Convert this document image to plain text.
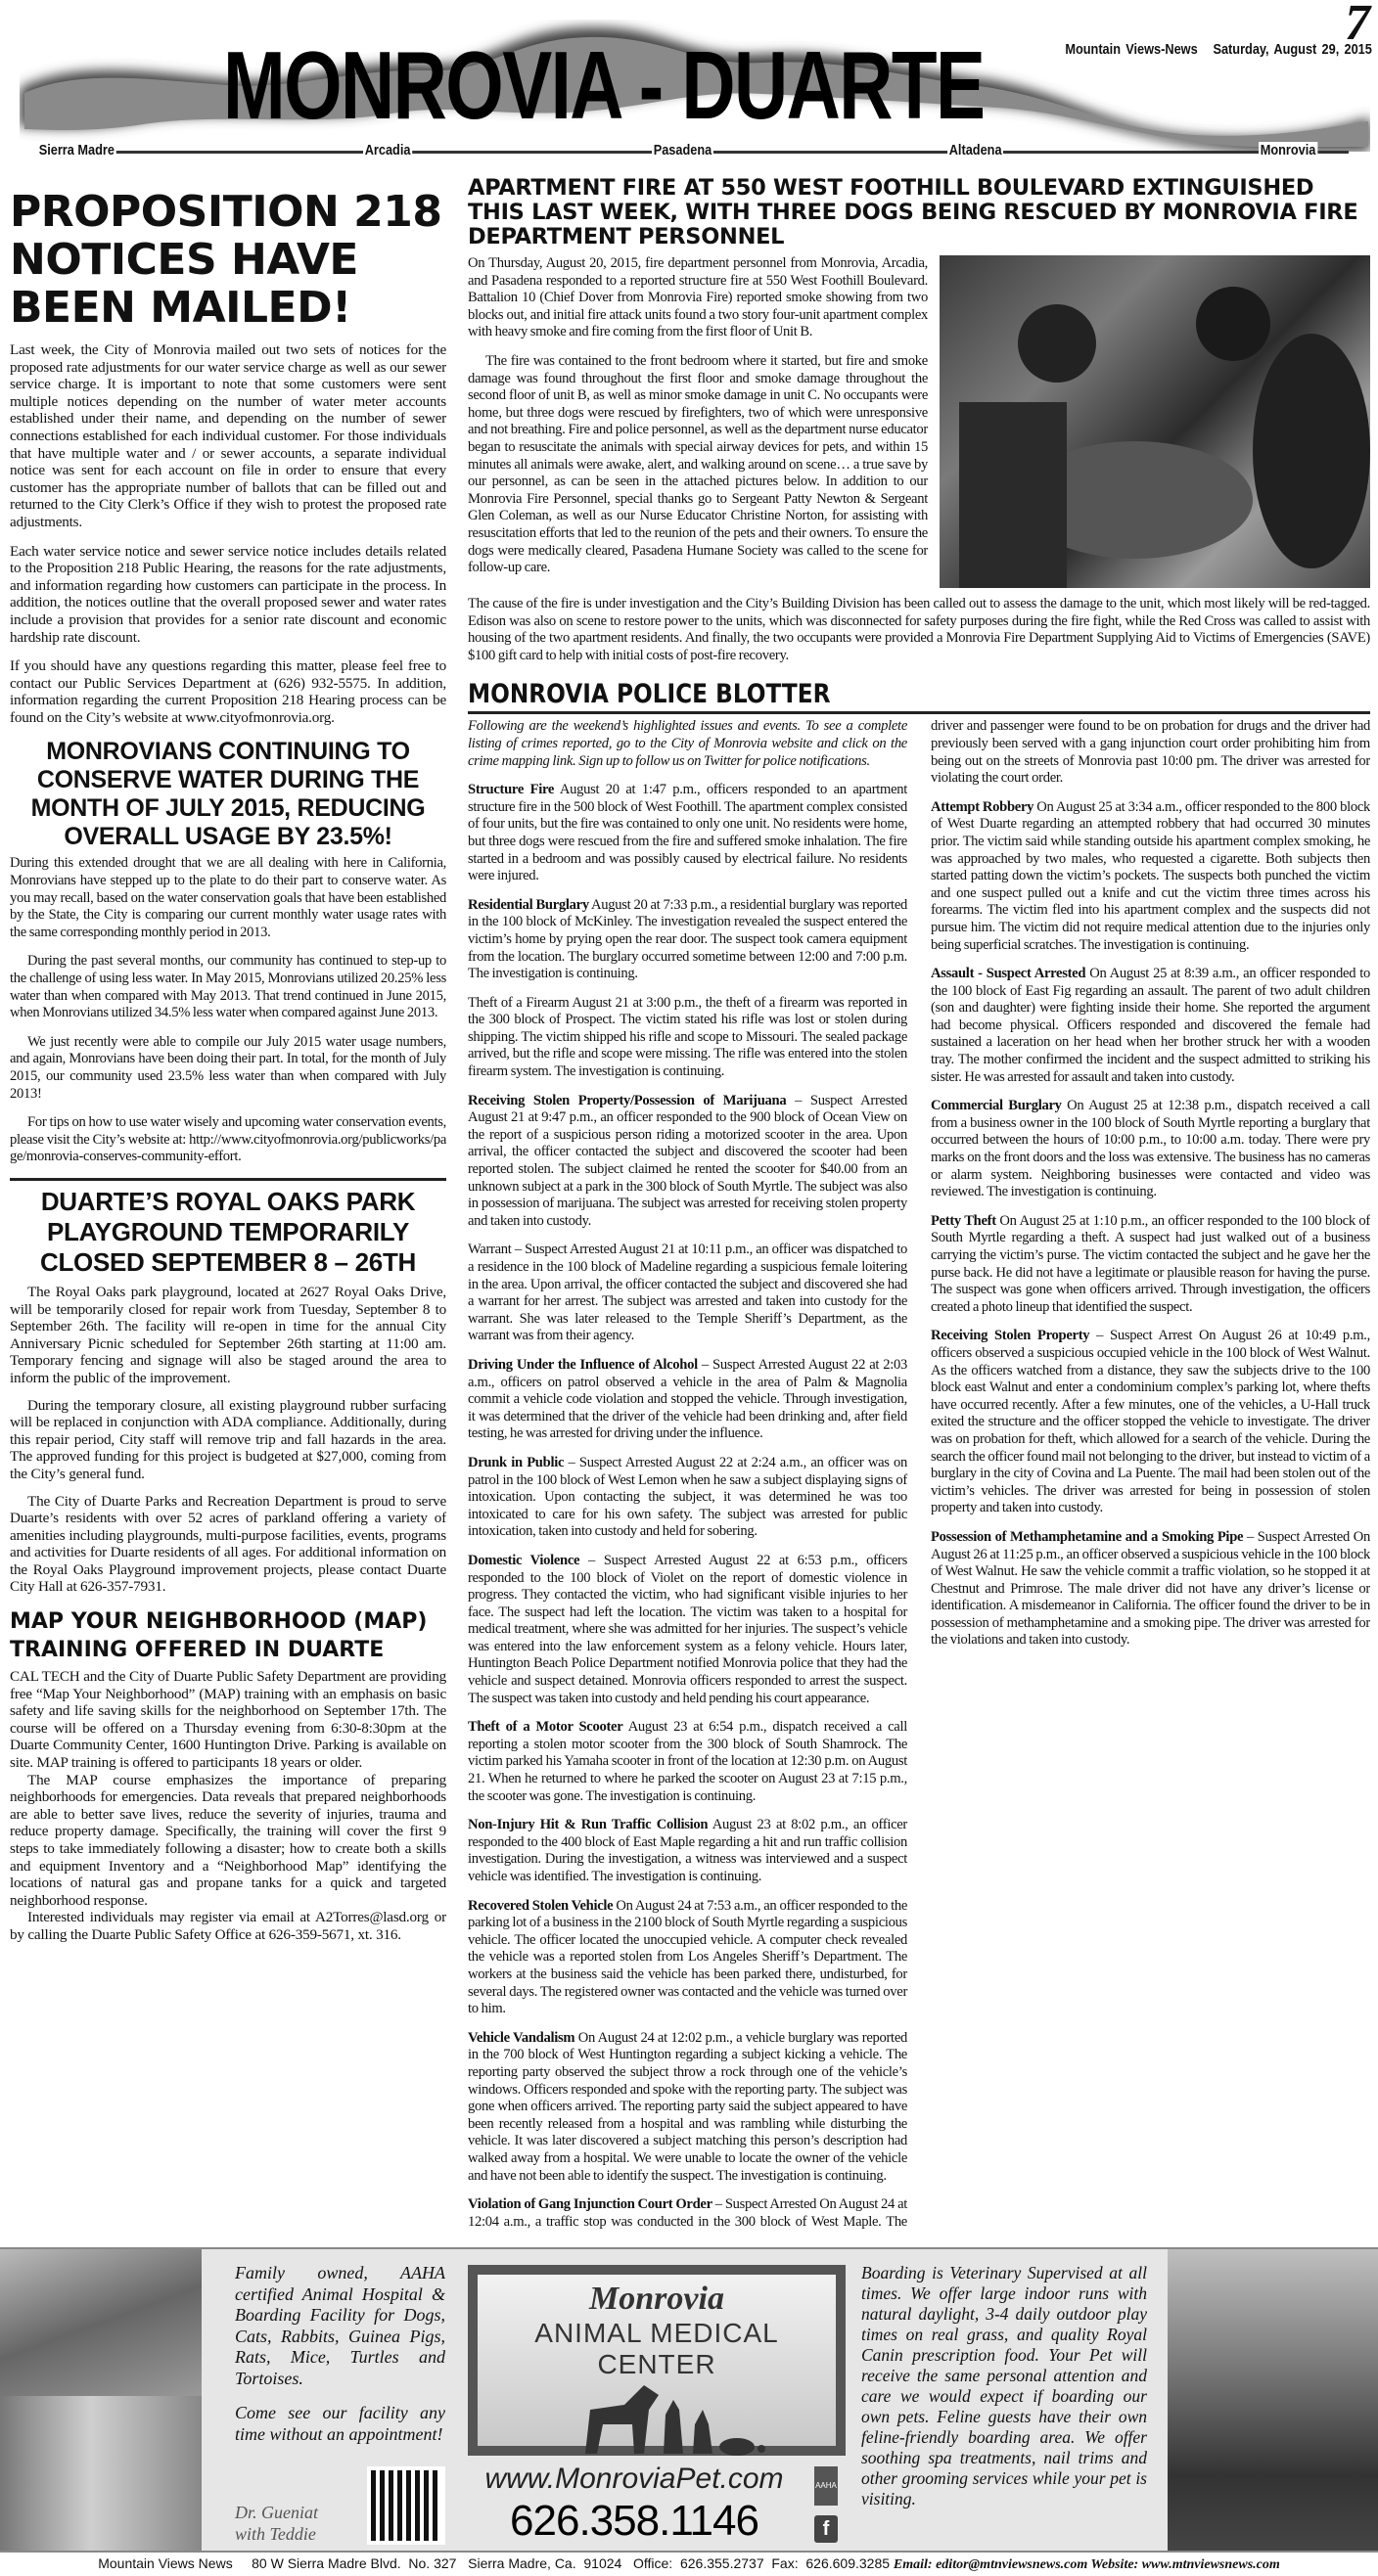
MONROVIA - DUARTE
7
Mountain Views-News Saturday, August 29, 2015
Sierra Madre	Arcadia	Pasadena	Altadena	Monrovia
PROPOSITION 218 NOTICES HAVE BEEN MAILED!

Last week, the City of Monrovia mailed out two sets of notices for the proposed rate adjustments for our water service charge as well as our sewer service charge. It is important to note that some customers were sent multiple notices depending on the number of water meter accounts established under their name, and depending on the number of sewer connections established for each individual customer. For those individuals that have multiple water and / or sewer accounts, a separate individual notice was sent for each account on file in order to ensure that every customer has the appropriate number of ballots that can be filled out and returned to the City Clerk’s Office if they wish to protest the proposed rate adjustments.

Each water service notice and sewer service notice includes details related to the Proposition 218 Public Hearing, the reasons for the rate adjustments, and information regarding how customers can participate in the process. In addition, the notices outline that the overall proposed sewer and water rates include a provision that provides for a senior rate discount and economic hardship rate discount.

If you should have any questions regarding this matter, please feel free to contact our Public Services Department at (626) 932-5575. In addition, information regarding the current Proposition 218 Hearing process can be found on the City’s website at www.cityofmonrovia.org.

MONROVIANS CONTINUING TO CONSERVE WATER DURING THE MONTH OF JULY 2015, REDUCING OVERALL USAGE BY 23.5%!

During this extended drought that we are all dealing with here in California, Monrovians have stepped up to the plate to do their part to conserve water. As you may recall, based on the water conservation goals that have been established by the State, the City is comparing our current monthly water usage rates with the same corresponding monthly period in 2013.

During the past several months, our community has continued to step-up to the challenge of using less water. In May 2015, Monrovians utilized 20.25% less water than when compared with May 2013. That trend continued in June 2015, when Monrovians utilized 34.5% less water when compared against June 2013.

We just recently were able to compile our July 2015 water usage numbers, and again, Monrovians have been doing their part. In total, for the month of July 2015, our community used 23.5% less water than when compared with July 2013!

For tips on how to use water wisely and upcoming water conservation events, please visit the City’s website at: http://www.cityofmonrovia.org/publicworks/page/monrovia-conserves-community-effort.

DUARTE’S ROYAL OAKS PARK PLAYGROUND TEMPORARILY CLOSED SEPTEMBER 8 – 26TH

The Royal Oaks park playground, located at 2627 Royal Oaks Drive, will be temporarily closed for repair work from Tuesday, September 8 to September 26th. The facility will re-open in time for the annual City Anniversary Picnic scheduled for September 26th starting at 11:00 am. Temporary fencing and signage will also be staged around the area to inform the public of the improvement.

During the temporary closure, all existing playground rubber surfacing will be replaced in conjunction with ADA compliance. Additionally, during this repair period, City staff will remove trip and fall hazards in the area. The approved funding for this project is budgeted at $27,000, coming from the City’s general fund.

The City of Duarte Parks and Recreation Department is proud to serve Duarte’s residents with over 52 acres of parkland offering a variety of amenities including playgrounds, multi-purpose facilities, events, programs and activities for Duarte residents of all ages. For additional information on the Royal Oaks Playground improvement projects, please contact Duarte City Hall at 626-357-7931.

MAP YOUR NEIGHBORHOOD (MAP) TRAINING OFFERED IN DUARTE

CAL TECH and the City of Duarte Public Safety Department are providing free “Map Your Neighborhood” (MAP) training with an emphasis on basic safety and life saving skills for the neighborhood on September 17th. The course will be offered on a Thursday evening from 6:30-8:30pm at the Duarte Community Center, 1600 Huntington Drive. Parking is available on site. MAP training is offered to participants 18 years or older.

The MAP course emphasizes the importance of preparing neighborhoods for emergencies. Data reveals that prepared neighborhoods are able to better save lives, reduce the severity of injuries, trauma and reduce property damage. Specifically, the training will cover the first 9 steps to take immediately following a disaster; how to create both a skills and equipment Inventory and a “Neighborhood Map” identifying the locations of natural gas and propane tanks for a quick and targeted neighborhood response.

Interested individuals may register via email at A2Torres@lasd.org or by calling the Duarte Public Safety Office at 626-359-5671, xt. 316.

APARTMENT FIRE AT 550 WEST FOOTHILL BOULEVARD EXTINGUISHED THIS LAST WEEK, WITH THREE DOGS BEING RESCUED BY MONROVIA FIRE DEPARTMENT PERSONNEL

On Thursday, August 20, 2015, fire department personnel from Monrovia, Arcadia, and Pasadena responded to a reported structure fire at 550 West Foothill Boulevard. Battalion 10 (Chief Dover from Monrovia Fire) reported smoke showing from two blocks out, and initial fire attack units found a two story four-unit apartment complex with heavy smoke and fire coming from the first floor of Unit B.

The fire was contained to the front bedroom where it started, but fire and smoke damage was found throughout the first floor and smoke damage throughout the second floor of unit B, as well as minor smoke damage in unit C. No occupants were home, but three dogs were rescued by firefighters, two of which were unresponsive and not breathing. Fire and police personnel, as well as the department nurse educator began to resuscitate the animals with special airway devices for pets, and within 15 minutes all animals were awake, alert, and walking around on scene… a true save by our personnel, as can be seen in the attached pictures below. In addition to our Monrovia Fire Personnel, special thanks go to Sergeant Patty Newton & Sergeant Glen Coleman, as well as our Nurse Educator Christine Norton, for assisting with resuscitation efforts that led to the reunion of the pets and their owners. To ensure the dogs were medically cleared, Pasadena Humane Society was called to the scene for follow-up care.

The cause of the fire is under investigation and the City’s Building Division has been called out to assess the damage to the unit, which most likely will be red-tagged. Edison was also on scene to restore power to the units, which was disconnected for safety purposes during the fire fight, while the Red Cross was called to assist with housing of the two apartment residents. And finally, the two occupants were provided a Monrovia Fire Department Supplying Aid to Victims of Emergencies (SAVE) $100 gift card to help with initial costs of post-fire recovery.

MONROVIA POLICE BLOTTER

Following are the weekend’s highlighted issues and events. To see a complete listing of crimes reported, go to the City of Monrovia website and click on the crime mapping link. Sign up to follow us on Twitter for police notifications.

Structure Fire August 20 at 1:47 p.m., officers responded to an apartment structure fire in the 500 block of West Foothill. The apartment complex consisted of four units, but the fire was contained to only one unit. No residents were home, but three dogs were rescued from the fire and suffered smoke inhalation. The fire started in a bedroom and was possibly caused by electrical failure. No residents were injured.

Residential Burglary August 20 at 7:33 p.m., a residential burglary was reported in the 100 block of McKinley. The investigation revealed the suspect entered the victim’s home by prying open the rear door. The suspect took camera equipment from the location. The burglary occurred sometime between 12:00 and 7:00 p.m. The investigation is continuing.

Theft of a Firearm August 21 at 3:00 p.m., the theft of a firearm was reported in the 300 block of Prospect. The victim stated his rifle was lost or stolen during shipping. The victim shipped his rifle and scope to Missouri. The sealed package arrived, but the rifle and scope were missing. The rifle was entered into the stolen firearm system. The investigation is continuing.

Receiving Stolen Property/Possession of Marijuana – Suspect Arrested August 21 at 9:47 p.m., an officer responded to the 900 block of Ocean View on the report of a suspicious person riding a motorized scooter in the area. Upon arrival, the officer contacted the subject and discovered the scooter had been reported stolen. The subject claimed he rented the scooter for $40.00 from an unknown subject at a park in the 300 block of South Myrtle. The subject was also in possession of marijuana. The subject was arrested for receiving stolen property and taken into custody.

Warrant – Suspect Arrested August 21 at 10:11 p.m., an officer was dispatched to a residence in the 100 block of Madeline regarding a suspicious female loitering in the area. Upon arrival, the officer contacted the subject and discovered she had a warrant for her arrest. The subject was arrested and taken into custody for the warrant. She was later released to the Temple Sheriff’s Department, as the warrant was from their agency.

Driving Under the Influence of Alcohol – Suspect Arrested August 22 at 2:03 a.m., officers on patrol observed a vehicle in the area of Palm & Magnolia commit a vehicle code violation and stopped the vehicle. Through investigation, it was determined that the driver of the vehicle had been drinking and, after field testing, he was arrested for driving under the influence.

Drunk in Public – Suspect Arrested August 22 at 2:24 a.m., an officer was on patrol in the 100 block of West Lemon when he saw a subject displaying signs of intoxication. Upon contacting the subject, it was determined he was too intoxicated to care for his own safety. The subject was arrested for public intoxication, taken into custody and held for sobering.

Domestic Violence – Suspect Arrested August 22 at 6:53 p.m., officers responded to the 100 block of Violet on the report of domestic violence in progress. They contacted the victim, who had significant visible injuries to her face. The suspect had left the location. The victim was taken to a hospital for medical treatment, where she was admitted for her injuries. The suspect’s vehicle was entered into the law enforcement system as a felony vehicle. Hours later, Huntington Beach Police Department notified Monrovia police that they had the vehicle and suspect detained. Monrovia officers responded to arrest the suspect. The suspect was taken into custody and held pending his court appearance.

Theft of a Motor Scooter August 23 at 6:54 p.m., dispatch received a call reporting a stolen motor scooter from the 300 block of South Shamrock. The victim parked his Yamaha scooter in front of the location at 12:30 p.m. on August 21. When he returned to where he parked the scooter on August 23 at 7:15 p.m., the scooter was gone. The investigation is continuing.

Non-Injury Hit & Run Traffic Collision August 23 at 8:02 p.m., an officer responded to the 400 block of East Maple regarding a hit and run traffic collision investigation. During the investigation, a witness was interviewed and a suspect vehicle was identified. The investigation is continuing.

Recovered Stolen Vehicle On August 24 at 7:53 a.m., an officer responded to the parking lot of a business in the 2100 block of South Myrtle regarding a suspicious vehicle. The officer located the unoccupied vehicle. A computer check revealed the vehicle was a reported stolen from Los Angeles Sheriff’s Department. The workers at the business said the vehicle has been parked there, undisturbed, for several days. The registered owner was contacted and the vehicle was turned over to him.

Vehicle Vandalism On August 24 at 12:02 p.m., a vehicle burglary was reported in the 700 block of West Huntington regarding a subject kicking a vehicle. The reporting party observed the subject throw a rock through one of the vehicle’s windows. Officers responded and spoke with the reporting party. The subject was gone when officers arrived. The reporting party said the subject appeared to have been recently released from a hospital and was rambling while disturbing the vehicle. It was later discovered a subject matching this person’s description had walked away from a hospital. We were unable to locate the owner of the vehicle and have not been able to identify the suspect. The investigation is continuing.

Violation of Gang Injunction Court Order – Suspect Arrested On August 24 at 12:04 a.m., a traffic stop was conducted in the 300 block of West Maple. The driver and passenger were found to be on probation for drugs and the driver had previously been served with a gang injunction court order prohibiting him from being out on the streets of Monrovia past 10:00 pm. The driver was arrested for violating the court order.

Attempt Robbery On August 25 at 3:34 a.m., officer responded to the 800 block of West Duarte regarding an attempted robbery that had occurred 30 minutes prior. The victim said while standing outside his apartment complex smoking, he was approached by two males, who requested a cigarette. Both subjects then started patting down the victim’s pockets. The suspects both punched the victim and one suspect pulled out a knife and cut the victim three times across his forearms. The victim fled into his apartment complex and the suspects did not pursue him. The victim did not require medical attention due to the injuries only being superficial scratches. The investigation is continuing.

Assault - Suspect Arrested On August 25 at 8:39 a.m., an officer responded to the 100 block of East Fig regarding an assault. The parent of two adult children (son and daughter) were fighting inside their home. She reported the argument had become physical. Officers responded and discovered the female had sustained a laceration on her head when her brother struck her with a wooden tray. The mother confirmed the incident and the suspect admitted to striking his sister. He was arrested for assault and taken into custody.

Commercial Burglary On August 25 at 12:38 p.m., dispatch received a call from a business owner in the 100 block of South Myrtle reporting a burglary that occurred between the hours of 10:00 p.m., to 10:00 a.m. today. There were pry marks on the front doors and the loss was extensive. The business has no cameras or alarm system. Neighboring businesses were contacted and video was reviewed. The investigation is continuing.

Petty Theft On August 25 at 1:10 p.m., an officer responded to the 100 block of South Myrtle regarding a theft. A suspect had just walked out of a business carrying the victim’s purse. The victim contacted the subject and he gave her the purse back. He did not have a legitimate or plausible reason for having the purse. The suspect was gone when officers arrived. Through investigation, the officers created a photo lineup that identified the suspect.

Receiving Stolen Property – Suspect Arrest On August 26 at 10:49 p.m., officers observed a suspicious occupied vehicle in the 100 block of West Walnut. As the officers watched from a distance, they saw the subjects drive to the 100 block east Walnut and enter a condominium complex’s parking lot, where thefts have occurred recently. After a few minutes, one of the vehicles, a U-Hall truck exited the structure and the officer stopped the vehicle to investigate. The driver was on probation for theft, which allowed for a search of the vehicle. During the search the officer found mail not belonging to the driver, but instead to victim of a burglary in the city of Covina and La Puente. The mail had been stolen out of the victim’s vehicles. The driver was arrested for being in possession of stolen property and taken into custody.

Possession of Methamphetamine and a Smoking Pipe – Suspect Arrested On August 26 at 11:25 p.m., an officer observed a suspicious vehicle in the 100 block of West Walnut. He saw the vehicle commit a traffic violation, so he stopped it at Chestnut and Primrose. The male driver did not have any driver’s license or identification. A misdemeanor in California. The officer found the driver to be in possession of methamphetamine and a smoking pipe. The driver was arrested for the violations and taken into custody.

Family owned, AAHA certified Animal Hospital & Boarding Facility for Dogs, Cats, Rabbits, Guinea Pigs, Rats, Mice, Turtles and Tortoises.
Come see our facility any time without an appointment!
Dr. Gueniat with Teddie
Monrovia
ANIMAL MEDICAL CENTER
www.MonroviaPet.com
626.358.1146
AAHA
f
Boarding is Veterinary Supervised at all times. We offer large indoor runs with natural daylight, 3-4 daily outdoor play times on real grass, and quality Royal Canin prescription food. Your Pet will receive the same personal attention and care we would expect if boarding our own pets. Feline guests have their own feline-friendly boarding area. We offer soothing spa treatments, nail trims and other grooming services while your pet is visiting.
Mountain Views News     80 W Sierra Madre Blvd.  No. 327   Sierra Madre, Ca.  91024   Office:  626.355.2737  Fax:  626.609.3285 Email: editor@mtnviewsnews.com Website: www.mtnviewsnews.com
